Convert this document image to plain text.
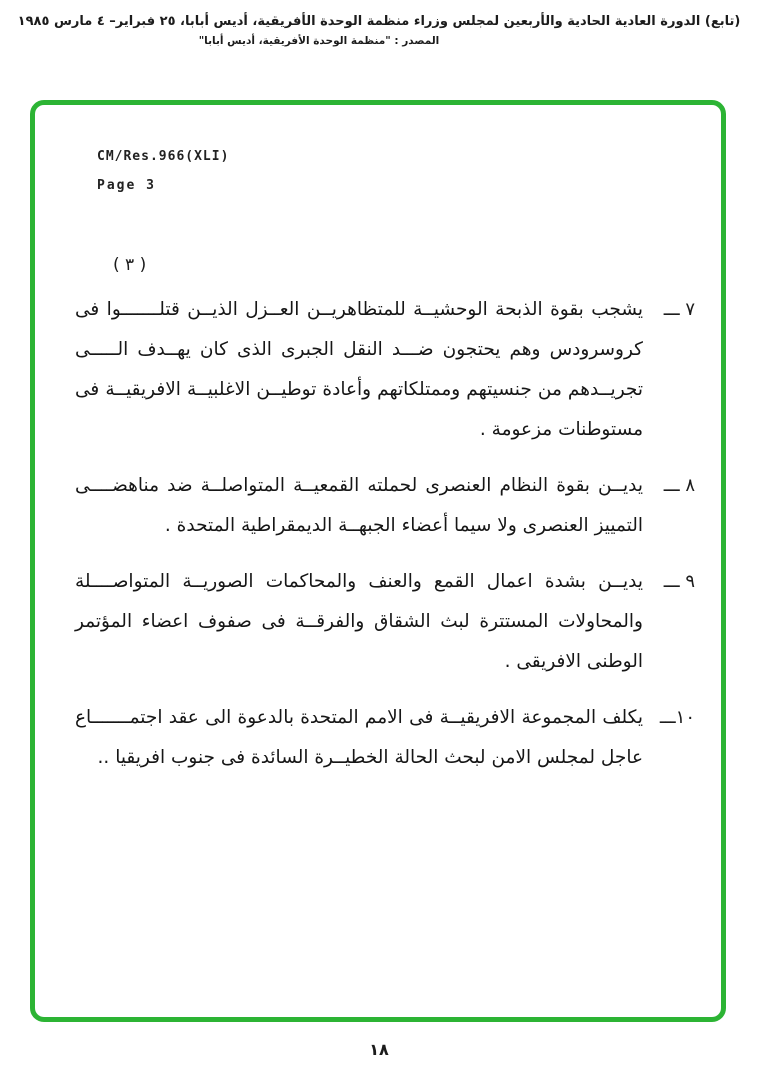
(تابع) الدورة العادية الحادية والأربعين لمجلس وزراء منظمة الوحدة الأفريقية، أديس أبابا، ٢٥ فبراير– ٤ مارس ١٩٨٥
المصدر : "منظمة الوحدة الأفريقية، أديس أبابا"
CM/Res.966(XLI)
Page 3
( ٣ )
٧ ـــ
يشجب بقوة الذبحة الوحشيــة للمتظاهريــن العــزل الذيــن قتلـــــــوا فى كروسرودس وهم يحتجون ضـــد النقل الجبرى الذى كان يهــدف الـــــى تجريــدهم من جنسيتهم وممتلكاتهم وأعادة توطيــن الاغلبيــة الافريقيــة فى مستوطنات مزعومة .
٨ ـــ
يديــن بقوة النظام العنصرى لحملته القمعيــة المتواصلــة ضد مناهضــــى التمييز العنصرى ولا سيما أعضاء الجبهــة الديمقراطية المتحدة .
٩ ـــ
يديــن بشدة اعمال القمع والعنف والمحاكمات الصوريــة المتواصــــلة والمحاولات المستترة لبث الشقاق والفرقــة فى صفوف اعضاء المؤتمر الوطنى الافريقى .
١٠ـــ
يكلف المجموعة الافريقيــة فى الامم المتحدة بالدعوة الى عقد اجتمـــــــاع عاجل لمجلس الامن لبحث الحالة الخطيــرة السائدة فى جنوب افريقيا ..
١٨
